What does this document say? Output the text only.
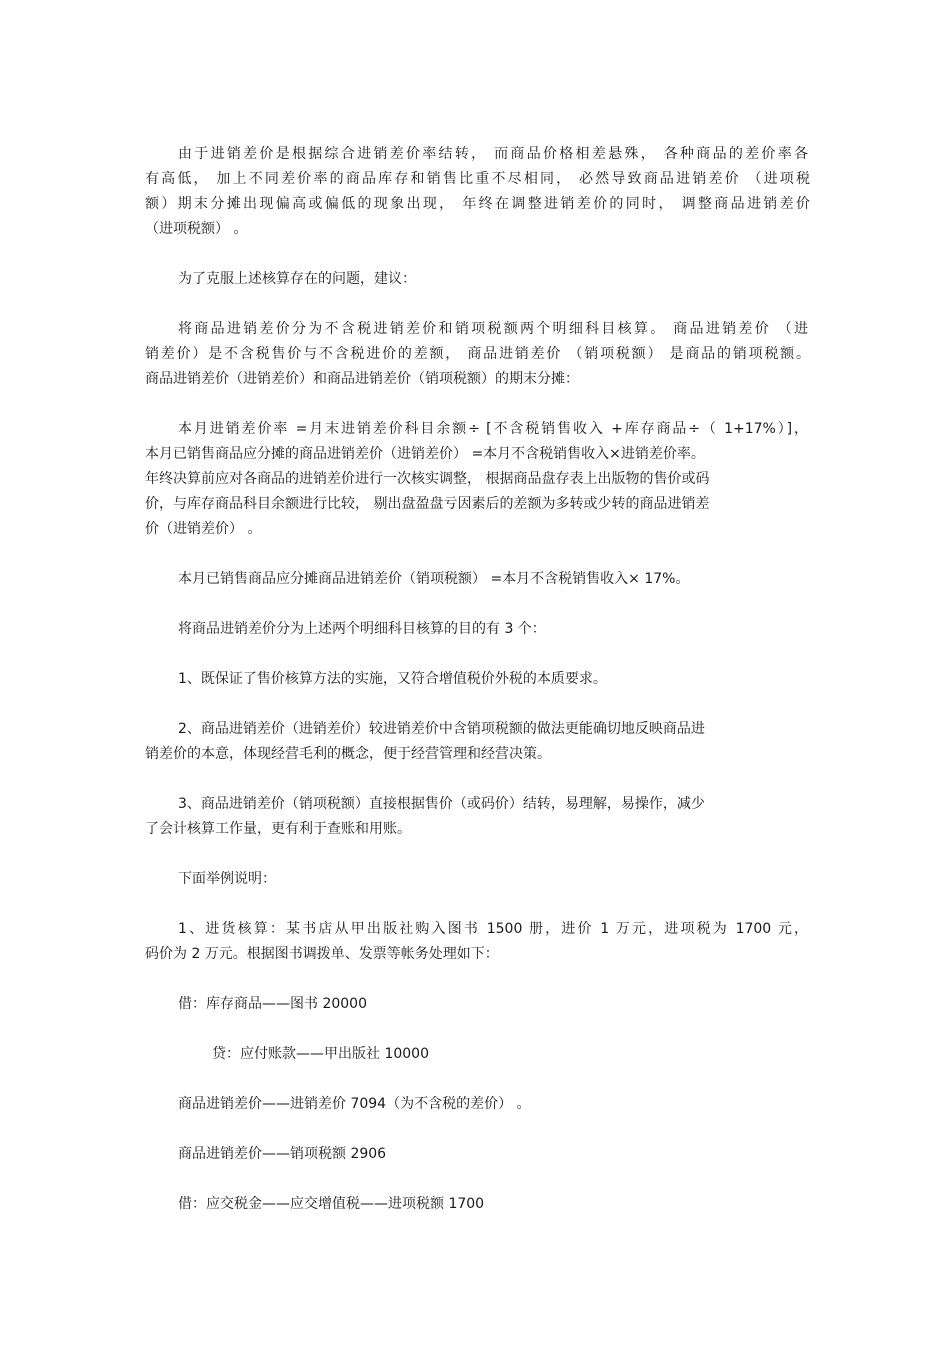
由于进销差价是根据综合进销差价率结转， 而商品价格相差悬殊， 各种商品的差价率各
有高低， 加上不同差价率的商品库存和销售比重不尽相同， 必然导致商品进销差价 （进项税
额）期末分摊出现偏高或偏低的现象出现， 年终在调整进销差价的同时， 调整商品进销差价
（进项税额） 。
为了克服上述核算存在的问题，建议：
将商品进销差价分为不含税进销差价和销项税额两个明细科目核算。 商品进销差价 （进
销差价）是不含税售价与不含税进价的差额， 商品进销差价 （销项税额） 是商品的销项税额。
商品进销差价（进销差价）和商品进销差价（销项税额）的期末分摊：
本月进销差价率 =月末进销差价科目余额÷ [不含税销售收入 +库存商品÷（ 1+17%）]，
本月已销售商品应分摊的商品进销差价（进销差价） =本月不含税销售收入×进销差价率。
年终决算前应对各商品的进销差价进行一次核实调整， 根据商品盘存表上出版物的售价或码
价，与库存商品科目余额进行比较， 剔出盘盈盘亏因素后的差额为多转或少转的商品进销差
价（进销差价） 。
本月已销售商品应分摊商品进销差价（销项税额） =本月不含税销售收入× 17%。
将商品进销差价分为上述两个明细科目核算的目的有 3 个：
1、既保证了售价核算方法的实施，又符合增值税价外税的本质要求。
2、商品进销差价（进销差价）较进销差价中含销项税额的做法更能确切地反映商品进
销差价的本意，体现经营毛利的概念，便于经营管理和经营决策。
3、商品进销差价（销项税额）直接根据售价（或码价）结转，易理解，易操作，减少
了会计核算工作量，更有利于查账和用账。
下面举例说明：
1、进货核算：某书店从甲出版社购入图书 1500 册，进价 1 万元，进项税为 1700 元，
码价为 2 万元。根据图书调拨单、发票等帐务处理如下：
借：库存商品——图书 20000
贷：应付账款——甲出版社 10000
商品进销差价——进销差价 7094（为不含税的差价） 。
商品进销差价——销项税额 2906
借：应交税金——应交增值税——进项税额 1700
